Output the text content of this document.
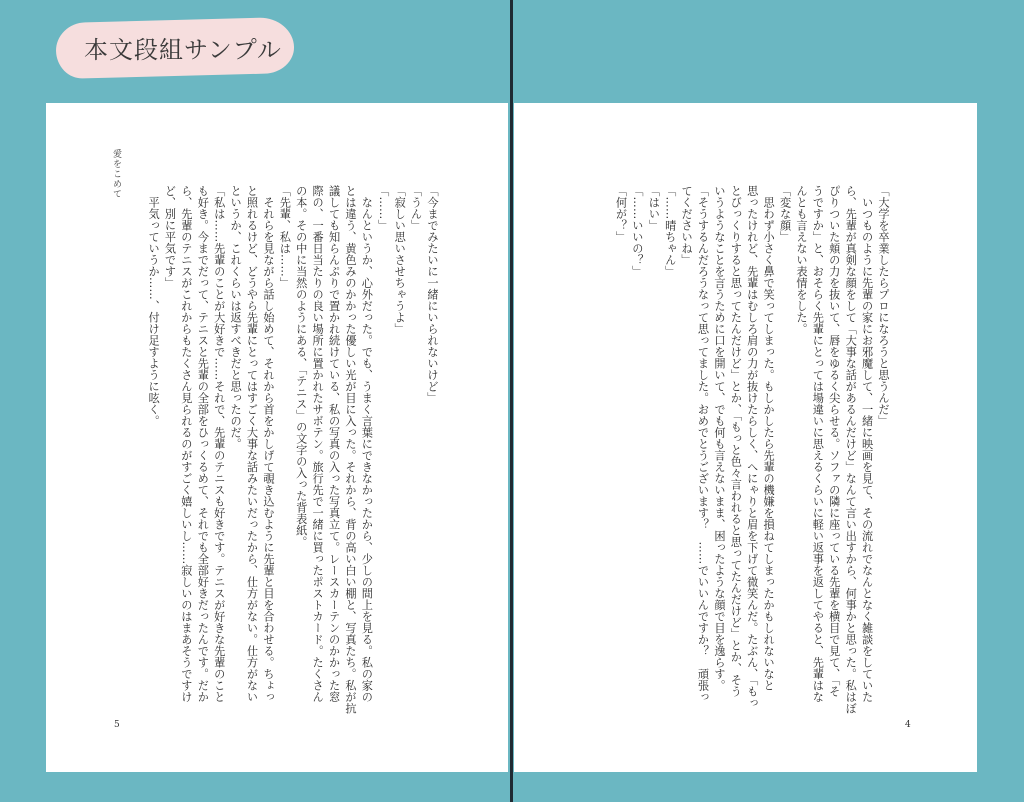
本文段組サンプル
愛をこめて
「今までみたいに一緒にいられないけど」
「うん」
「寂しい思いさせちゃうよ」
「……」
　なんというか、心外だった。でも、うまく言葉にできなかったから、少しの間上を見る。私の家の
とは違う、黄色みのかかった優しい光が目に入った。それから、背の高い白い棚と、写真たち。私が抗
議しても知らんぷりで置かれ続けている、私の写真の入った写真立て。レースカーテンのかかった窓
際の、一番日当たりの良い場所に置かれたサボテン。旅行先で一緒に買ったポストカード。たくさん
の本。その中に当然のようにある、「テニス」の文字の入った背表紙。
「先輩、私は……」
　それらを見ながら話し始めて、それから首をかしげて覗き込むように先輩と目を合わせる。ちょっ
と照れるけど、どうやら先輩にとってはすごく大事な話みたいだったから、仕方がない。仕方がない
というか、これくらいは返すべきだと思ったのだ。
「私は……先輩のことが大好きで……それで、先輩のテニスも好きです。テニスが好きな先輩のこと
も好き。今までだって、テニスと先輩の全部をひっくるめて、それでも全部好きだったんです。だか
ら、先輩のテニスがこれからもたくさん見られるのがすごく嬉しいし……寂しいのはまあそうですけ
ど、別に平気です」
　平気っていうか……、付け足すように呟く。
5
「大学を卒業したらプロになろうと思うんだ」
　いつものように先輩の家にお邪魔して、一緒に映画を見て、その流れでなんとなく雑談をしていた
ら、先輩が真剣な顔をして「大事な話があるんだけど」なんて言い出すから、何事かと思った。私はぼ
ぴりついた頬の力を抜いて、唇をゆるく尖らせる。ソファの隣に座っている先輩を横目で見て、「そ
うですか」と、おそらく先輩にとっては場違いに思えるくらいに軽い返事を返してやると、先輩はな
んとも言えない表情をした。
「変な顔」
　思わず小さく鼻で笑ってしまった。もしかしたら先輩の機嫌を損ねてしまったかもしれないなと
思ったけれど、先輩はむしろ肩の力が抜けたらしく、へにゃりと眉を下げて微笑んだ。たぶん、「もっ
とびっくりすると思ってたんだけど」とか、「もっと色々言われると思ってたんだけど」とか、そう
いうようなことを言うために口を開いて、でも何も言えないまま、困ったような顔で目を逸らす。
「そうするんだろうなって思ってました。おめでとうございます？　……でいいんですか？　頑張っ
てくださいね」
「……晴ちゃん」
「はい」
「……いいの？」
「何が？」
4
